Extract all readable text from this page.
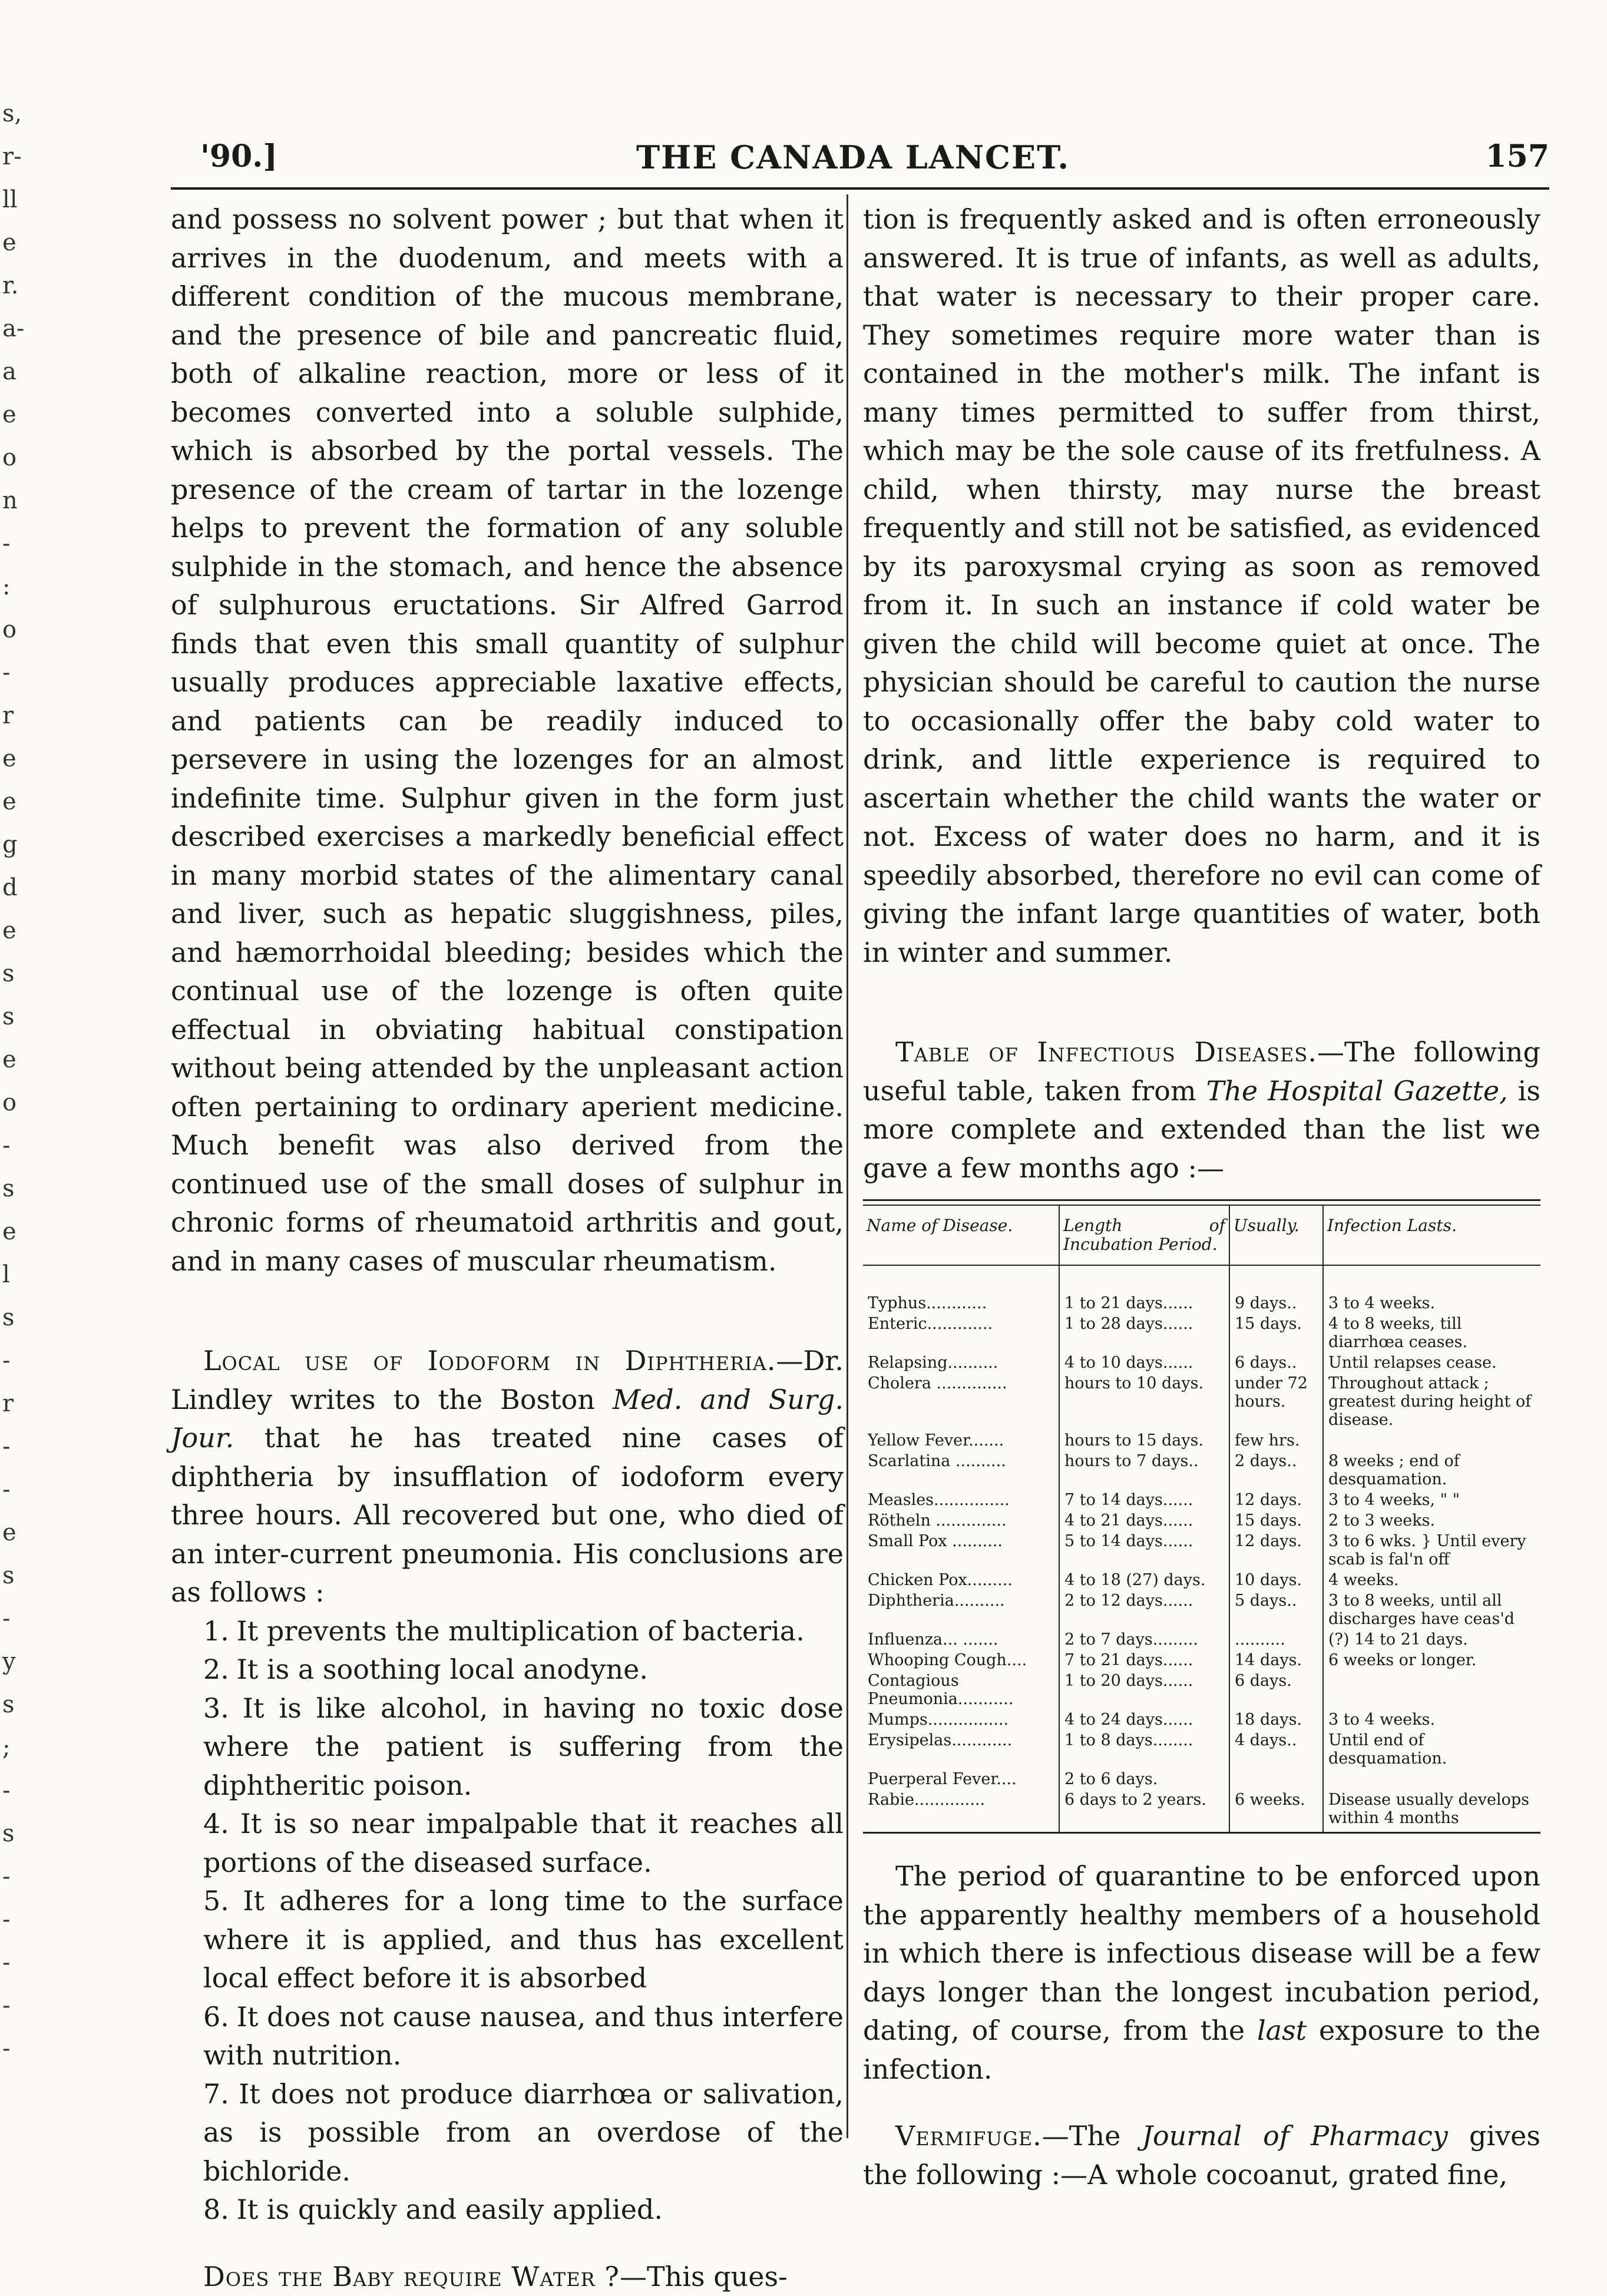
s,
r-
ll
e
r.
a-
a
e
o
n
-
:
o
-
r
e
e
g
d
e
s
s
e
o
-
s
e
l
s
-
r
-
-
e
s
-
y
s
;
-
s
-
-
-
-
-
'90.]	THE CANADA LANCET.	157

and possess no solvent power ; but that when it arrives in the duodenum, and meets with a different condition of the mucous membrane, and the presence of bile and pancreatic fluid, both of alkaline reaction, more or less of it becomes converted into a soluble sulphide, which is absorbed by the portal vessels. The presence of the cream of tartar in the lozenge helps to prevent the formation of any soluble sulphide in the stomach, and hence the absence of sulphurous eructations. Sir Alfred Garrod finds that even this small quantity of sulphur usually produces appreciable laxative effects, and patients can be readily induced to persevere in using the lozenges for an almost indefinite time. Sulphur given in the form just described exercises a markedly beneficial effect in many morbid states of the alimentary canal and liver, such as hepatic sluggishness, piles, and hæmorrhoidal bleeding; besides which the continual use of the lozenge is often quite effectual in obviating habitual constipation without being attended by the unpleasant action often pertaining to ordinary aperient medicine. Much benefit was also derived from the continued use of the small doses of sulphur in chronic forms of rheumatoid arthritis and gout, and in many cases of muscular rheumatism.

Local use of Iodoform in Diphtheria.—Dr. Lindley writes to the Boston Med. and Surg. Jour. that he has treated nine cases of diphtheria by insufflation of iodoform every three hours. All recovered but one, who died of an inter-current pneumonia. His conclusions are as follows :

1. It prevents the multiplication of bacteria.

2. It is a soothing local anodyne.

3. It is like alcohol, in having no toxic dose where the patient is suffering from the diphtheritic poison.

4. It is so near impalpable that it reaches all portions of the diseased surface.

5. It adheres for a long time to the surface where it is applied, and thus has excellent local effect before it is absorbed

6. It does not cause nausea, and thus interfere with nutrition.

7. It does not produce diarrhœa or salivation, as is possible from an overdose of the bichloride.

8. It is quickly and easily applied.

Does the Baby require Water ?—This ques-

tion is frequently asked and is often erroneously answered. It is true of infants, as well as adults, that water is necessary to their proper care. They sometimes require more water than is contained in the mother's milk. The infant is many times permitted to suffer from thirst, which may be the sole cause of its fretfulness. A child, when thirsty, may nurse the breast frequently and still not be satisfied, as evidenced by its paroxysmal crying as soon as removed from it. In such an instance if cold water be given the child will become quiet at once. The physician should be careful to caution the nurse to occasionally offer the baby cold water to drink, and little experience is required to ascertain whether the child wants the water or not. Excess of water does no harm, and it is speedily absorbed, therefore no evil can come of giving the infant large quantities of water, both in winter and summer.

Table of Infectious Diseases.—The following useful table, taken from The Hospital Gazette, is more complete and extended than the list we gave a few months ago :—

Name of Disease.	Length of Incubation Period.	Usually.	Infection Lasts.
Typhus............	1 to 21 days......	9 days..	3 to 4 weeks.
Enteric.............	1 to 28 days......	15 days.	4 to 8 weeks, till diarrhœa ceases.
Relapsing..........	4 to 10 days......	6 days..	Until relapses cease.
Cholera ..............	hours to 10 days.	under 72 hours.	Throughout attack ; greatest during height of disease.
Yellow Fever.......	hours to 15 days.	few hrs.	
Scarlatina ..........	hours to 7 days..	2 days..	8 weeks ; end of desquamation.
Measles...............	7 to 14 days......	12 days.	3 to 4 weeks, " "
Rötheln ..............	4 to 21 days......	15 days.	2 to 3 weeks.
Small Pox ..........	5 to 14 days......	12 days.	3 to 6 wks. } Until every scab is fal'n off
Chicken Pox.........	4 to 18 (27) days.	10 days.	4 weeks.
Diphtheria..........	2 to 12 days......	5 days..	3 to 8 weeks, until all discharges have ceas'd
Influenza... .......	2 to 7 days.........	..........	(?) 14 to 21 days.
Whooping Cough....	7 to 21 days......	14 days.	6 weeks or longer.
Contagious Pneumonia...........	1 to 20 days......	6 days.	
Mumps................	4 to 24 days......	18 days.	3 to 4 weeks.
Erysipelas............	1 to 8 days........	4 days..	Until end of desquamation.
Puerperal Fever....	2 to 6 days.		
Rabie..............	6 days to 2 years.	6 weeks.	Disease usually develops within 4 months

The period of quarantine to be enforced upon the apparently healthy members of a household in which there is infectious disease will be a few days longer than the longest incubation period, dating, of course, from the last exposure to the infection.

Vermifuge.—The Journal of Pharmacy gives the following :—A whole cocoanut, grated fine,
